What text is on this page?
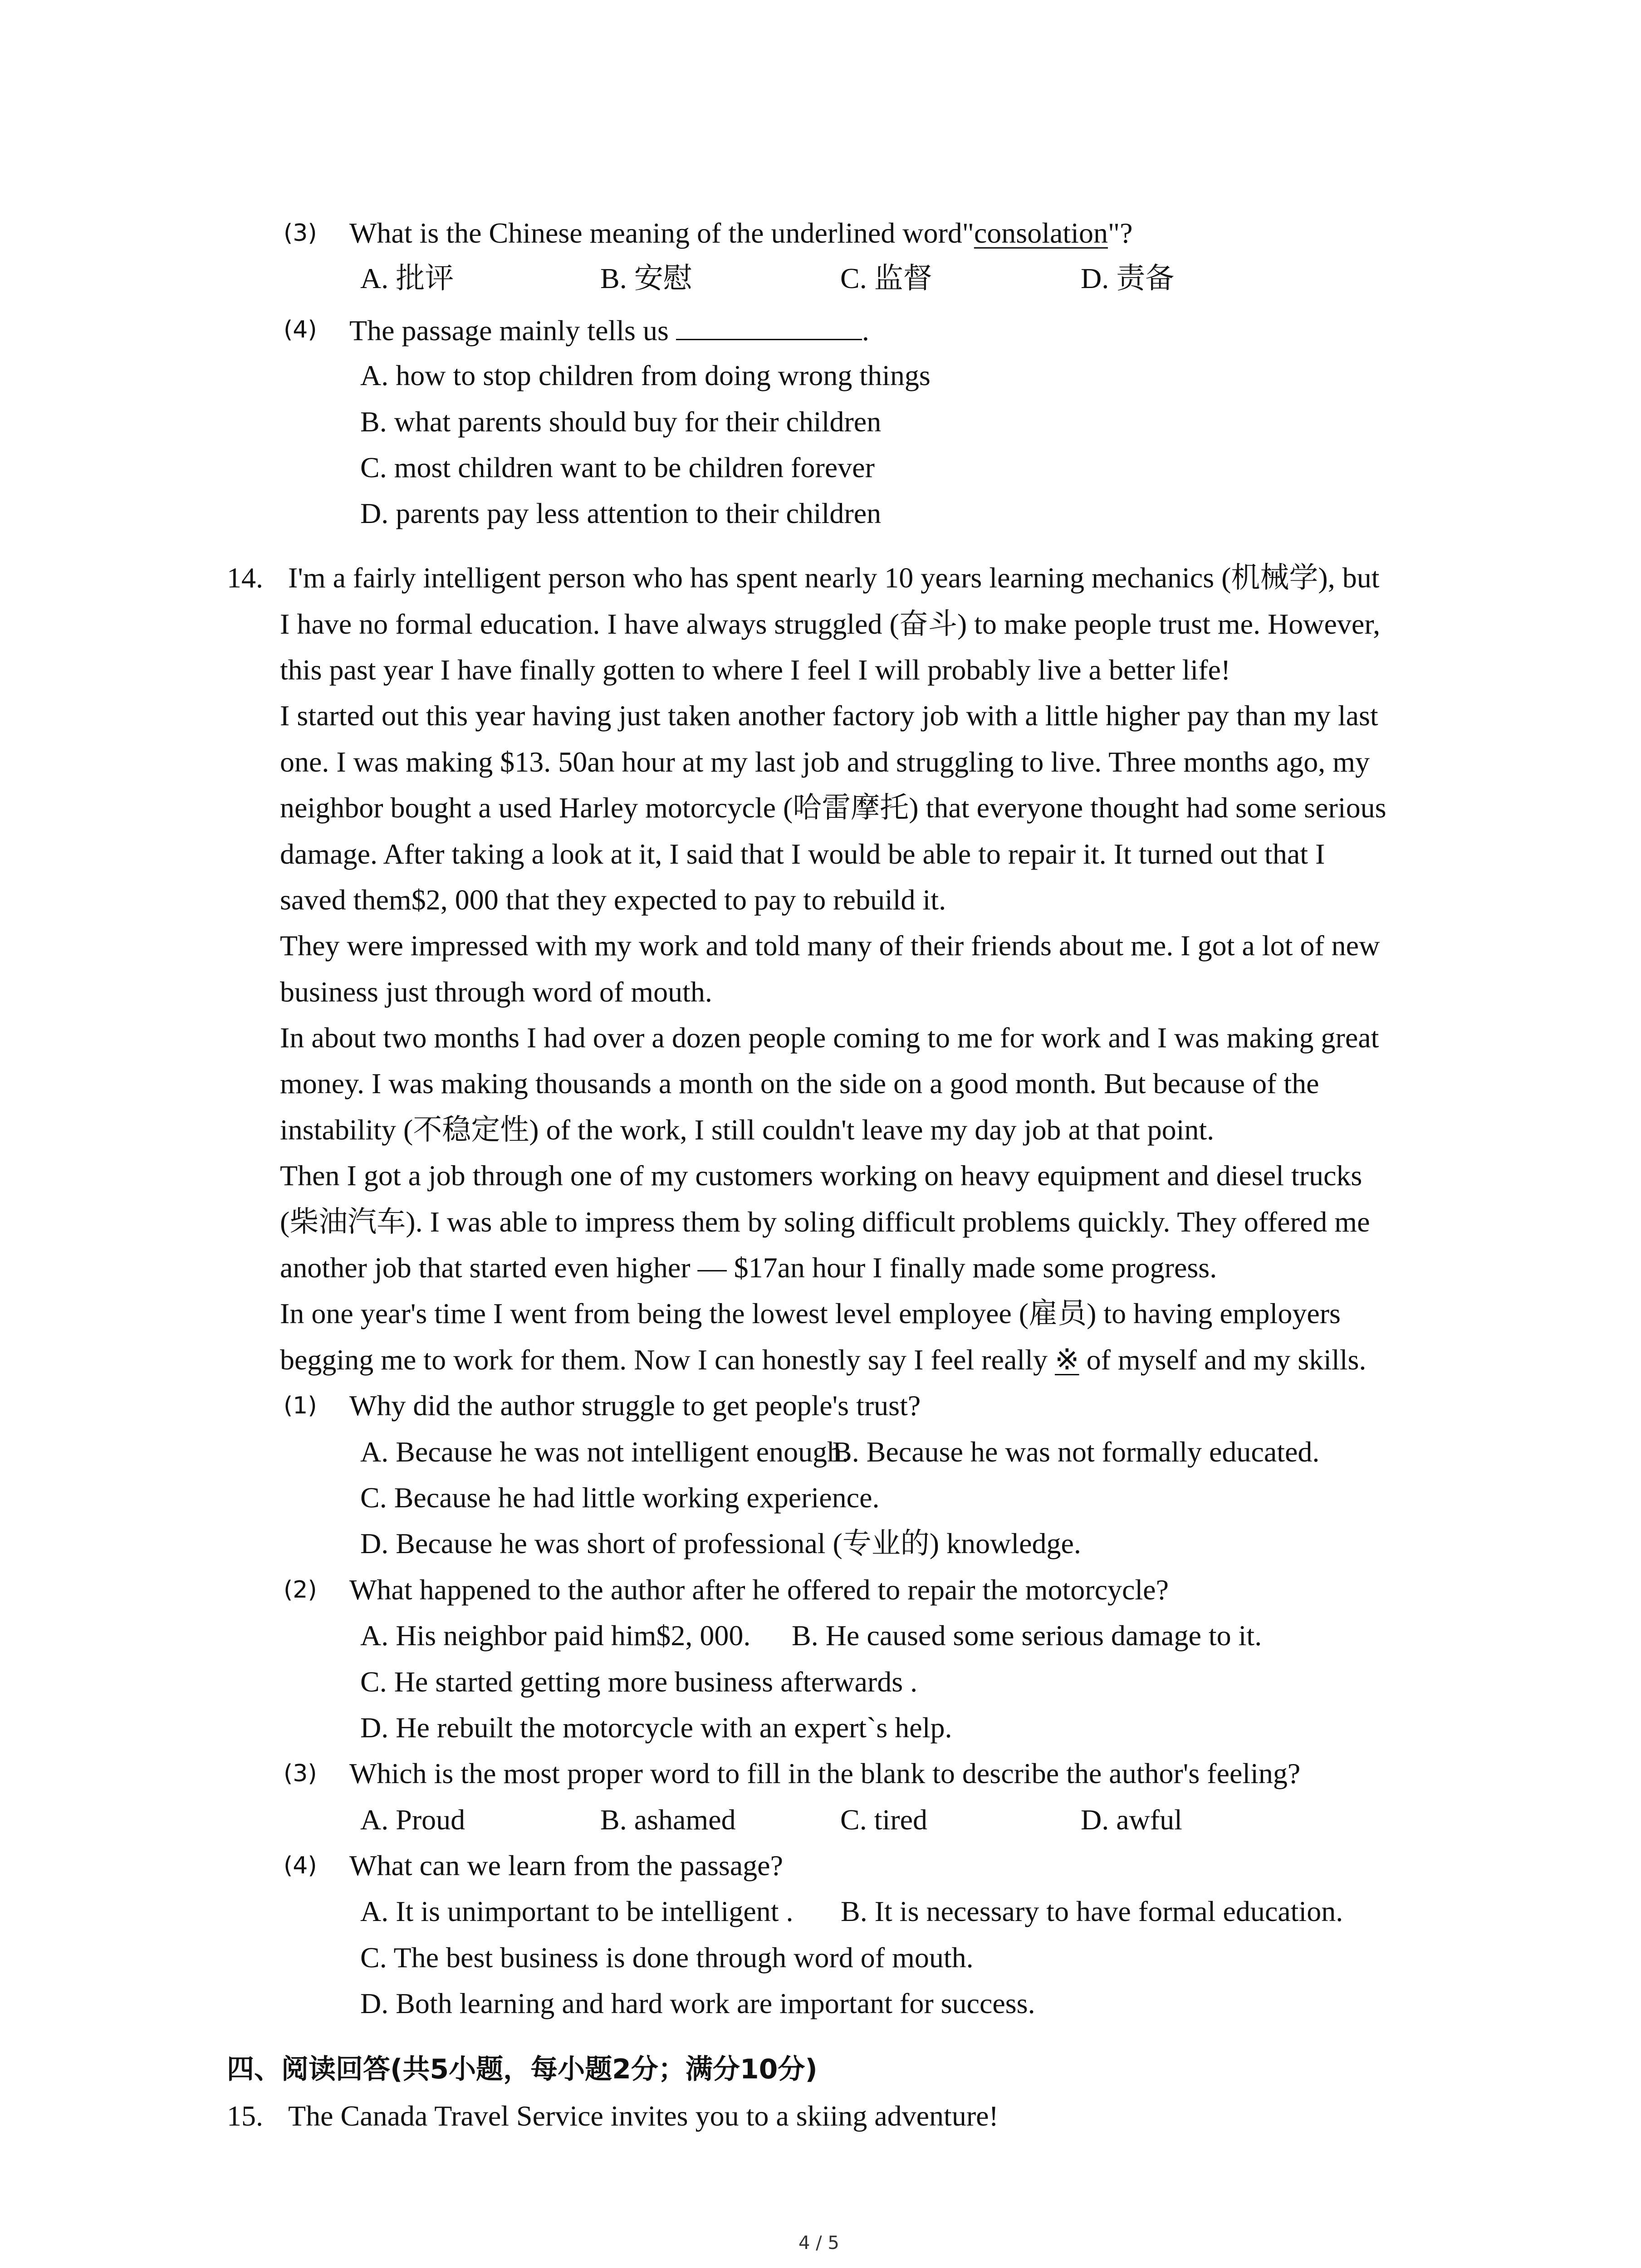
(3) What is the Chinese meaning of the underlined word"consolation"?
A. 批评	B. 安慰	C. 监督	D. 责备
(4) The passage mainly tells us	.
A. how to stop children from doing wrong things
B. what parents should buy for their children
C. most children want to be children forever
D. parents pay less attention to their children
14. I'm a fairly intelligent person who has spent nearly 10 years learning mechanics (机械学), but
I have no formal education. I have always struggled (奋斗) to make people trust me. However,
this past year I have finally gotten to where I feel I will probably live a better life!
I started out this year having just taken another factory job with a little higher pay than my last
one. I was making $13. 50an hour at my last job and struggling to live. Three months ago, my
neighbor bought a used Harley motorcycle (哈雷摩托) that everyone thought had some serious
damage. After taking a look at it, I said that I would be able to repair it. It turned out that I
saved them$2, 000 that they expected to pay to rebuild it.
They were impressed with my work and told many of their friends about me. I got a lot of new
business just through word of mouth.
In about two months I had over a dozen people coming to me for work and I was making great
money. I was making thousands a month on the side on a good month. But because of the
instability (不稳定性) of the work, I still couldn't leave my day job at that point.
Then I got a job through one of my customers working on heavy equipment and diesel trucks
(柴油汽车). I was able to impress them by soling difficult problems quickly. They offered me
another job that started even higher — $17an hour I finally made some progress.
In one year's time I went from being the lowest level employee (雇员) to having employers
begging me to work for them. Now I can honestly say I feel really ※ of myself and my skills.
(1) Why did the author struggle to get people's trust?
A. Because he was not intelligent enough.
B. Because he was not formally educated.
C. Because he had little working experience.
D. Because he was short of professional (专业的) knowledge.
(2) What happened to the author after he offered to repair the motorcycle?
A. His neighbor paid him$2, 000. B. He caused some serious damage to it.
C. He started getting more business afterwards .
D. He rebuilt the motorcycle with an expert`s help.
(3) Which is the most proper word to fill in the blank to describe the author's feeling?
A. Proud	B. ashamed	C. tired	D. awful
(4) What can we learn from the passage?
A. It is unimportant to be intelligent . B. It is necessary to have formal education.
C. The best business is done through word of mouth.
D. Both learning and hard work are important for success.
四、阅读回答(共5小题，每小题2分；满分10分)
15. The Canada Travel Service invites you to a skiing adventure!
4 / 5
